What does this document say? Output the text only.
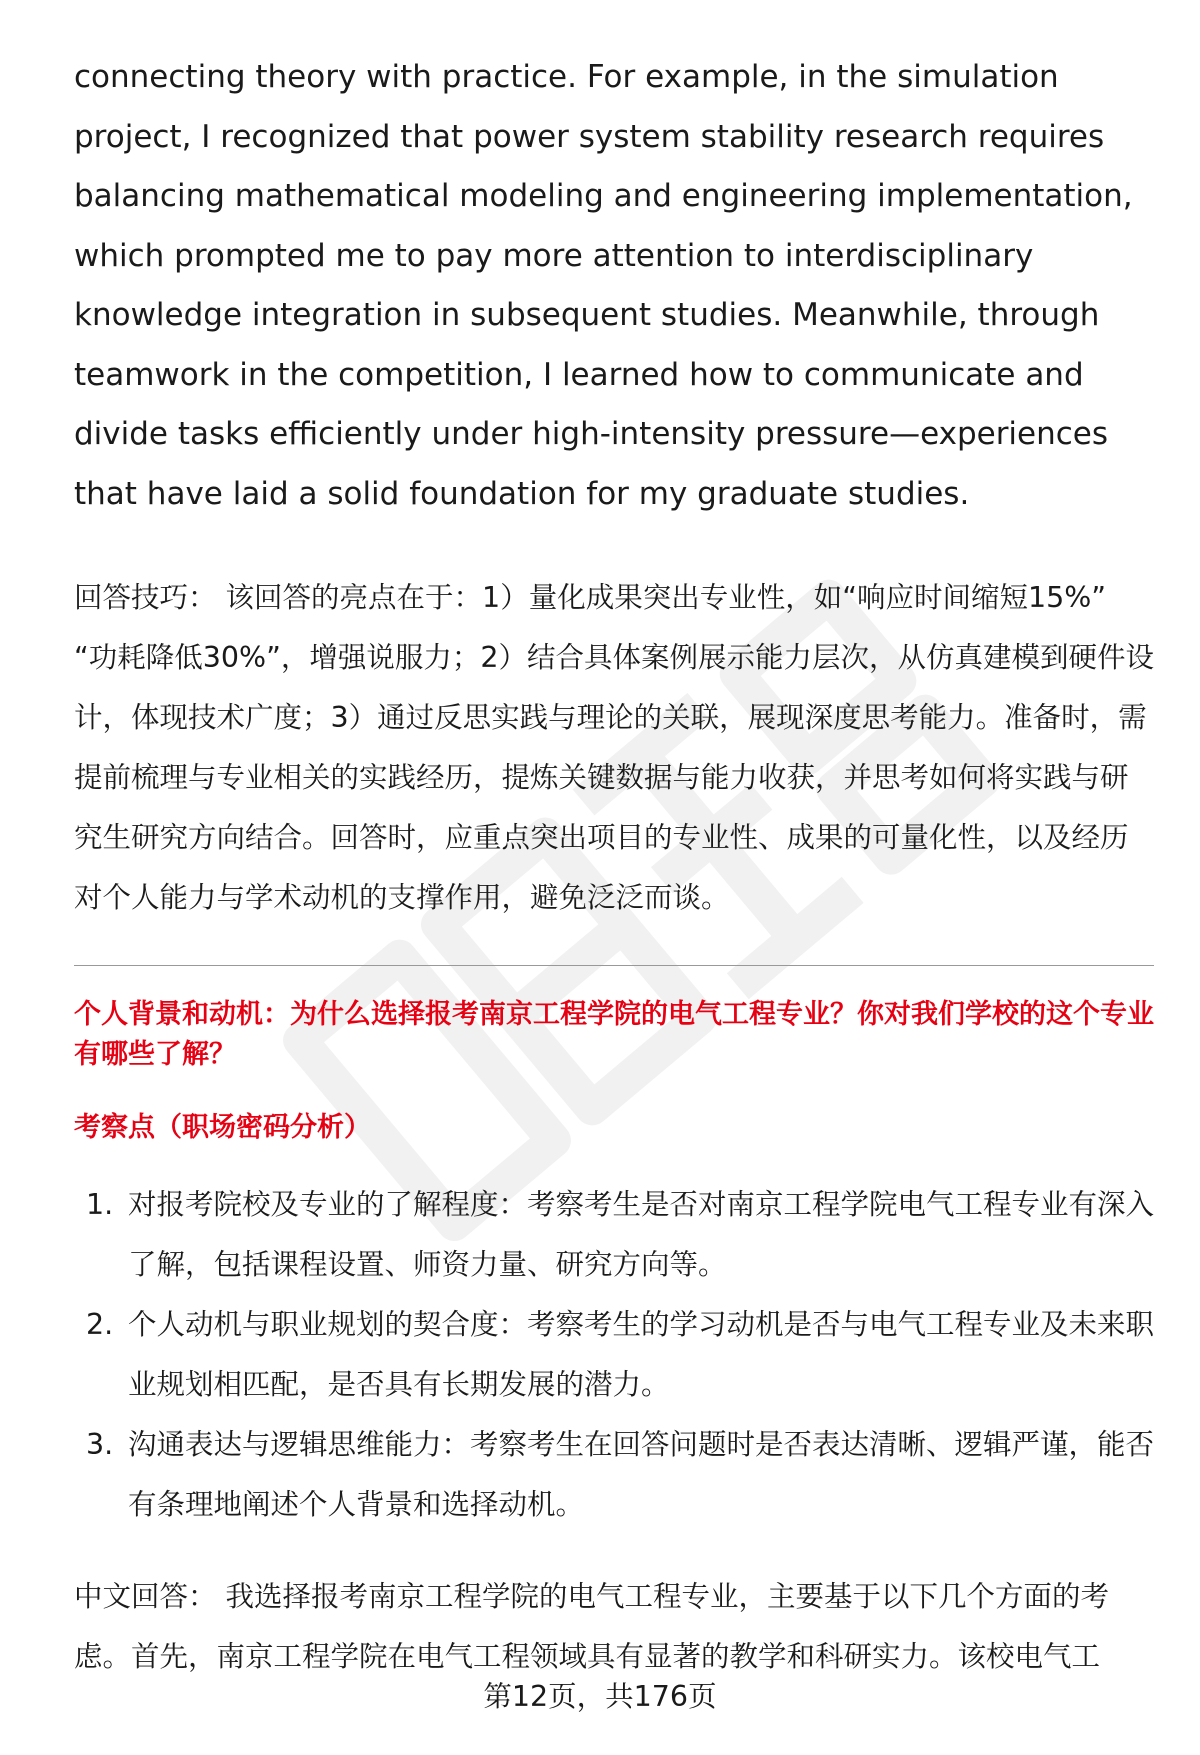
connecting theory with practice. For example, in the simulation project, I recognized that power system stability research requires balancing mathematical modeling and engineering implementation, which prompted me to pay more attention to interdisciplinary knowledge integration in subsequent studies. Meanwhile, through teamwork in the competition, I learned how to communicate and divide tasks efficiently under high-intensity pressure—experiences that have laid a solid foundation for my graduate studies.

回答技巧： 该回答的亮点在于：1）量化成果突出专业性，如“响应时间缩短15%” “功耗降低30%”，增强说服力；2）结合具体案例展示能力层次，从仿真建模到硬件设计，体现技术广度；3）通过反思实践与理论的关联，展现深度思考能力。准备时，需提前梳理与专业相关的实践经历，提炼关键数据与能力收获，并思考如何将实践与研究生研究方向结合。回答时，应重点突出项目的专业性、成果的可量化性，以及经历对个人能力与学术动机的支撑作用，避免泛泛而谈。

个人背景和动机：为什么选择报考南京工程学院的电气工程专业？你对我们学校的这个专业有哪些了解？

考察点（职场密码分析）

1. 对报考院校及专业的了解程度：考察考生是否对南京工程学院电气工程专业有深入了解，包括课程设置、师资力量、研究方向等。
2. 个人动机与职业规划的契合度：考察考生的学习动机是否与电气工程专业及未来职业规划相匹配，是否具有长期发展的潜力。
3. 沟通表达与逻辑思维能力：考察考生在回答问题时是否表达清晰、逻辑严谨，能否有条理地阐述个人背景和选择动机。

中文回答： 我选择报考南京工程学院的电气工程专业，主要基于以下几个方面的考虑。首先，南京工程学院在电气工程领域具有显著的教学和科研实力。该校电气工

第12页，共176页
